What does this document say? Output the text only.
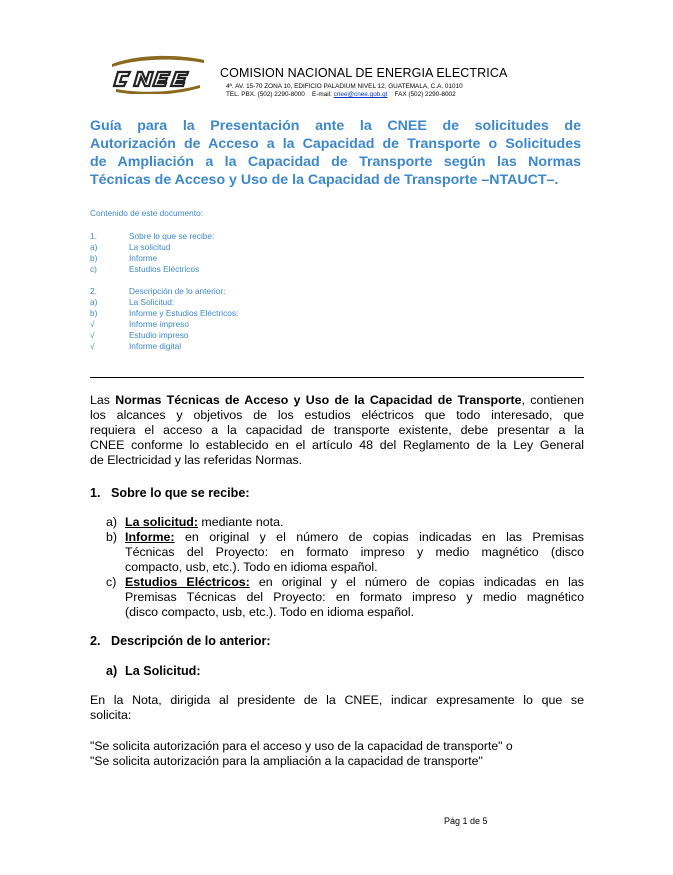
COMISION NACIONAL DE ENERGIA ELECTRICA
4ª. AV. 15-70 ZONA 10, EDIFICIO PALADIUM NIVEL 12, GUATEMALA, C.A. 01010
TEL. PBX. (502) 2290-8000 E-mail: cnee@cnee.gob.gt FAX (502) 2290-8002
Guía para la Presentación ante la CNEE de solicitudes de
Autorización de Acceso a la Capacidad de Transporte o Solicitudes
de Ampliación a la Capacidad de Transporte según las Normas
Técnicas de Acceso y Uso de la Capacidad de Transporte –NTAUCT–.
Contenido de este documento:
1.	Sobre lo que se recibe:
a)	La solicitud
b)	Informe
c)	Estudios Eléctricos
2.	Descripción de lo anterior:
a)	La Solicitud:
b)	Informe y Estudios Eléctricos:
√	Informe impreso
√	Estudio impreso
√	Informe digital
Las Normas Técnicas de Acceso y Uso de la Capacidad de Transporte, contienen
los alcances y objetivos de los estudios eléctricos que todo interesado, que
requiera el acceso a la capacidad de transporte existente, debe presentar a la
CNEE conforme lo establecido en el artículo 48 del Reglamento de la Ley General
de Electricidad y las referidas Normas.
1. Sobre lo que se recibe:
a) La solicitud: mediante nota.
b) Informe: en original y el número de copias indicadas en las Premisas
Técnicas del Proyecto: en formato impreso y medio magnético (disco
compacto, usb, etc.). Todo en idioma español.
c) Estudios Eléctricos: en original y el número de copias indicadas en las
Premisas Técnicas del Proyecto: en formato impreso y medio magnético
(disco compacto, usb, etc.). Todo en idioma español.
2. Descripción de lo anterior:
a) La Solicitud:
En la Nota, dirigida al presidente de la CNEE, indicar expresamente lo que se
solicita:
"Se solicita autorización para el acceso y uso de la capacidad de transporte" o
"Se solicita autorización para la ampliación a la capacidad de transporte"
Pág 1 de 5
